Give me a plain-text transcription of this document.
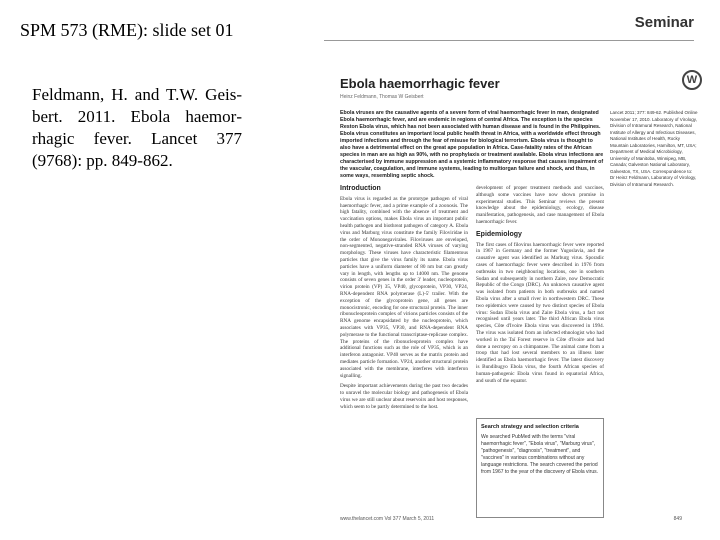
SPM 573 (RME): slide set 01
Feldmann, H. and T.W. Geisbert. 2011. Ebola haemorrhagic fever. Lancet 377 (9768): pp. 849-862.
Seminar
Ebola haemorrhagic fever	W
Heinz Feldmann, Thomas W Geisbert
Ebola viruses are the causative agents of a severe form of viral haemorrhagic fever in man, designated Ebola haemorrhagic fever, and are endemic in regions of central Africa. The exception is the species Reston Ebola virus, which has not been associated with human disease and is found in the Philippines. Ebola virus constitutes an important local public health threat in Africa, with a worldwide effect through imported infections and through the fear of misuse for biological terrorism. Ebola virus is thought to also have a detrimental effect on the great ape population in Africa. Case-fatality rates of the African species in man are as high as 90%, with no prophylaxis or treatment available. Ebola virus infections are characterised by immune suppression and a systemic inflammatory response that causes impairment of the vascular, coagulation, and immune systems, leading to multiorgan failure and shock, and thus, in some ways, resembling septic shock.
Lancet 2011; 377: 849-62. Published Online November 17, 2010. Laboratory of Virology, Division of Intramural Research, National Institute of Allergy and Infectious Diseases, National Institutes of Health, Rocky Mountain Laboratories, Hamilton, MT, USA; Department of Medical Microbiology, University of Manitoba, Winnipeg, MB, Canada; Galveston National Laboratory, Galveston, TX, USA. Correspondence to: Dr Heinz Feldmann, Laboratory of Virology, Division of Intramural Research.
Introduction
Ebola virus is regarded as the prototype pathogen of viral haemorrhagic fever, and a prime example of a zoonosis. The high fatality, combined with the absence of treatment and vaccination options, makes Ebola virus an important public health pathogen and biothreat pathogen of category A. Ebola virus and Marburg virus constitute the family Filoviridae in the order of Mononegavirales. Filoviruses are enveloped, non-segmented, negative-stranded RNA viruses of varying morphology. These viruses have characteristic filamentous particles that give the virus family its name. Ebola virus particles have a uniform diameter of 80 nm but can greatly vary in length, with lengths up to 14000 nm. The genome consists of seven genes in the order 3' leader, nucleoprotein, virion protein (VP) 35, VP40, glycoprotein, VP30, VP24, RNA-dependent RNA polymerase (L)-5' trailer. With the exception of the glycoprotein gene, all genes are monocistronic, encoding for one structural protein. The inner ribonucleoprotein complex of virions particles consists of the RNA genome encapsidated by the nucleoprotein, which associates with VP35, VP30, and RNA-dependent RNA polymerase to the functional transcriptase-replicase complex. The proteins of the ribonucleoprotein complex have additional functions such as the role of VP35, which is an interferon antagonist. VP40 serves as the matrix protein and mediates particle formation. VP24, another structural protein associated with the membrane, interferes with interferon signalling.
Despite important achievements during the past two decades to unravel the molecular biology and pathogenesis of Ebola virus we are still unclear about reservoirs and host responses, which seem to be partly determined to the host.
development of proper treatment methods and vaccines, although some vaccines have now shown promise in experimental studies. This Seminar reviews the present knowledge about the epidemiology, ecology, disease manifestation, pathogenesis, and case management of Ebola haemorrhagic fever.
Epidemiology
The first cases of filovirus haemorrhagic fever were reported in 1967 in Germany and the former Yugoslavia, and the causative agent was identified as Marburg virus. Sporadic cases of haemorrhagic fever were described in 1976 from outbreaks in two neighbouring locations, one in southern Sudan and subsequently in northern Zaire, now Democratic Republic of the Congo (DRC). An unknown causative agent was isolated from patients in both outbreaks and named Ebola virus after a small river in northwestern DRC. These two epidemics were caused by two distinct species of Ebola virus: Sudan Ebola virus and Zaire Ebola virus, a fact not recognised until years later. The third African Ebola virus species, Côte d'Ivoire Ebola virus was discovered in 1994. The virus was isolated from an infected ethnologist who had worked in the Taï Forest reserve in Côte d'Ivoire and had done a necropsy on a chimpanzee. The animal came from a troop that had lost several members to an illness later identified as Ebola haemorrhagic fever. The latest discovery is Bundibugyo Ebola virus, the fourth African species of human-pathogenic Ebola virus found in equatorial Africa, and south of the equator.
Search strategy and selection criteria
We searched PubMed with the terms "viral haemorrhagic fever", "Ebola virus", "Marburg virus", "pathogenesis", "diagnosis", "treatment", and "vaccines" in various combinations without any language restrictions. The search covered the period from 1967 to the year of the discovery of Ebola virus.
www.thelancet.com Vol 377 March 5, 2011	849
